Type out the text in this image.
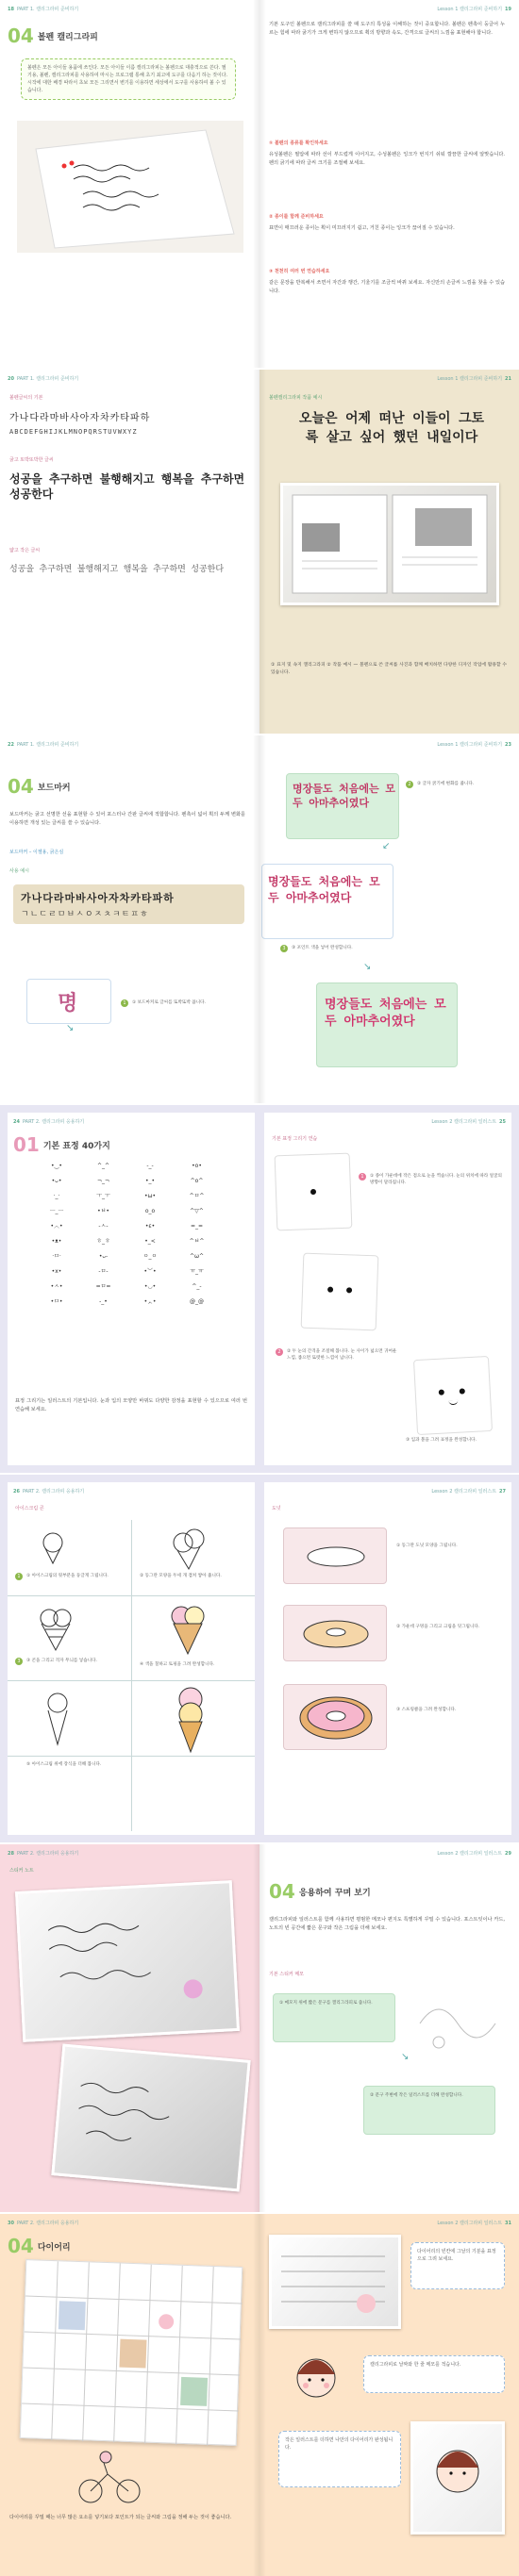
18 PART 1. 캘리그라피 준비하기
04 볼펜 캘리그라피
볼펜은 모든 아이들 용품에 쓰인다. 모든 아이들 이름 캘리그라피는 볼펜으로 대충적으로 쓴다. 필기용, 볼펜, 캘리그라피를 사용하여 마시는 프로그램 통해 초기 최고에 도구를 다음기 하는 것이다. 시작에 대한 배경 따라서 초보 모든 그리면서 변기를 이용하면 세상에서 도구를 사용하여 볼 수 있습니다.
Lesson 1 캘리그라피 준비하기 19
기본 도구인 볼펜으로 캘리그라피를 쓸 때 도구의 특성을 이해하는 것이 중요합니다. 볼펜은 펜촉이 둥글어 누르는 힘에 따라 굵기가 크게 변하지 않으므로 획의 방향과 속도, 간격으로 글씨의 느낌을 표현해야 합니다.
① 볼펜의 종류를 확인하세요
유성볼펜은 필압에 따라 선이 부드럽게 이어지고, 수성볼펜은 잉크가 번지기 쉬워 깔끔한 글씨에 알맞습니다. 펜의 굵기에 따라 글씨 크기를 조절해 보세요.
② 종이를 함께 준비하세요
표면이 매끄러운 종이는 획이 미끄러지기 쉽고, 거친 종이는 잉크가 끊어질 수 있습니다.
③ 천천히 여러 번 연습하세요
같은 문장을 반복해서 쓰면서 자간과 행간, 기울기를 조금씩 바꿔 보세요. 자신만의 손글씨 느낌을 찾을 수 있습니다.
20 PART 1. 캘리그라피 준비하기
볼펜글씨의 기본
가나다라마바사아자차카타파하
ABCDEFGHIJKLMNOPQRSTUVWXYZ
굵고 또박또박한 글씨
성공을 추구하면 불행해지고 행복을 추구하면 성공한다
얇고 작은 글씨
성공을 추구하면 불행해지고 행복을 추구하면 성공한다
Lesson 1 캘리그라피 준비하기 21
볼펜캘리그라피 작품 예시
오늘은 어제 떠난 이들이 그토록 살고 싶어 했던 내일이다
① 표지 및 속지 캘리그라피 ② 작품 예시 — 볼펜으로 쓴 글씨를 사진과 함께 배치하면 다양한 디자인 작업에 활용할 수 있습니다.
22 PART 1. 캘리그라피 준비하기
04 보드마커
보드마커는 굵고 선명한 선을 표현할 수 있어 포스터나 간판 글씨에 적합합니다. 펜촉이 넓어 획의 두께 변화를 이용하면 개성 있는 글씨를 쓸 수 있습니다.
보드마커 – 이젤용, 굵은심
사용 예시
가나다라마바사아자차카타파하
ㄱㄴㄷㄹㅁㅂㅅㅇㅈㅊㅋㅌㅍㅎ
명	1	① 보드마커로 글씨를 또박또박 씁니다.
↘
Lesson 1 캘리그라피 준비하기 23
명장들도 처음에는 모두 아마추어였다
2	② 글자 굵기에 변화를 줍니다.
↙
명장들도 처음에는 모두 아마추어였다
3	③ 포인트 색을 넣어 완성합니다.
↘
명장들도 처음에는 모두 아마추어였다
24 PART 2. 캘리그라피 응용하기
01 기본 표정 40가지
•‿•	^_^	-_-	•o•
•ᴗ•	¬_¬	•_•	^o^
·_·	ㅜ_ㅜ	•ω•	^ㅁ^
ㅡ_ㅡ	•ㅂ•	o_o	^▽^
•︿•	-ㅅ-	•ε•	=_=
•ᴥ•	ㅎ_ㅎ	•_<	^ㅂ^
·ㅁ·	•ᴗ-	ㅇ_ㅇ	^ω^
•x•	-ㅁ-	•︶•	ㅠ_ㅠ
•ㅅ•	=ㅁ=	•◡•	^_-
•ㅁ•	-_•	•ᆺ•	@_@
표정 그리기는 일러스트의 기본입니다. 눈과 입의 모양만 바꿔도 다양한 감정을 표현할 수 있으므로 여러 번 연습해 보세요.
Lesson 2 캘리그라피 일러스트 25
기본 표정 그리기 연습
1	① 종이 가운데에 작은 점으로 눈을 찍습니다. 눈의 위치에 따라 얼굴의 방향이 달라집니다.
2	② 두 눈의 간격을 조절해 봅니다. 눈 사이가 넓으면 귀여운 느낌, 좁으면 또렷한 느낌이 납니다.
③ 입과 볼을 그려 표정을 완성합니다.
26 PART 2. 캘리그라피 응용하기
아이스크림 콘
1	① 아이스크림의 윗부분을 둥글게 그립니다.	② 동그란 모양을 두세 개 겹쳐 쌓아 줍니다.
3	③ 콘을 그리고 격자 무늬를 넣습니다.
④ 색을 칠하고 토핑을 그려 완성합니다.
⑤ 아이스크림 위에 장식을 더해 봅니다.
Lesson 2 캘리그라피 일러스트 27
도넛
① 동그란 도넛 모양을 그립니다.
② 가운데 구멍을 그리고 크림을 덧그립니다.
③ 스프링클을 그려 완성합니다.
28 PART 2. 캘리그라피 응용하기
스티커 노트
Lesson 2 캘리그라피 일러스트 29
04 응용하여 꾸며 보기
캘리그라피와 일러스트를 함께 사용하면 평범한 메모나 편지도 특별하게 꾸밀 수 있습니다. 포스트잇이나 카드, 노트의 빈 공간에 짧은 문구와 작은 그림을 더해 보세요.
기본 스티커 메모
① 메모지 위에 짧은 문구를 캘리그라피로 씁니다.
↘
② 문구 주변에 작은 일러스트를 더해 완성합니다.
30 PART 2. 캘리그라피 응용하기
04 다이어리
다이어리를 꾸밀 때는 너무 많은 요소를 넣기보다 포인트가 되는 글씨와 그림을 정해 두는 것이 좋습니다.
Lesson 2 캘리그라피 일러스트 31
다이어리의 빈칸에 그날의 기분을 표정으로 그려 보세요.
캘리그라피로 날짜와 한 줄 메모를 적습니다.
작은 일러스트를 더하면 나만의 다이어리가 완성됩니다.
